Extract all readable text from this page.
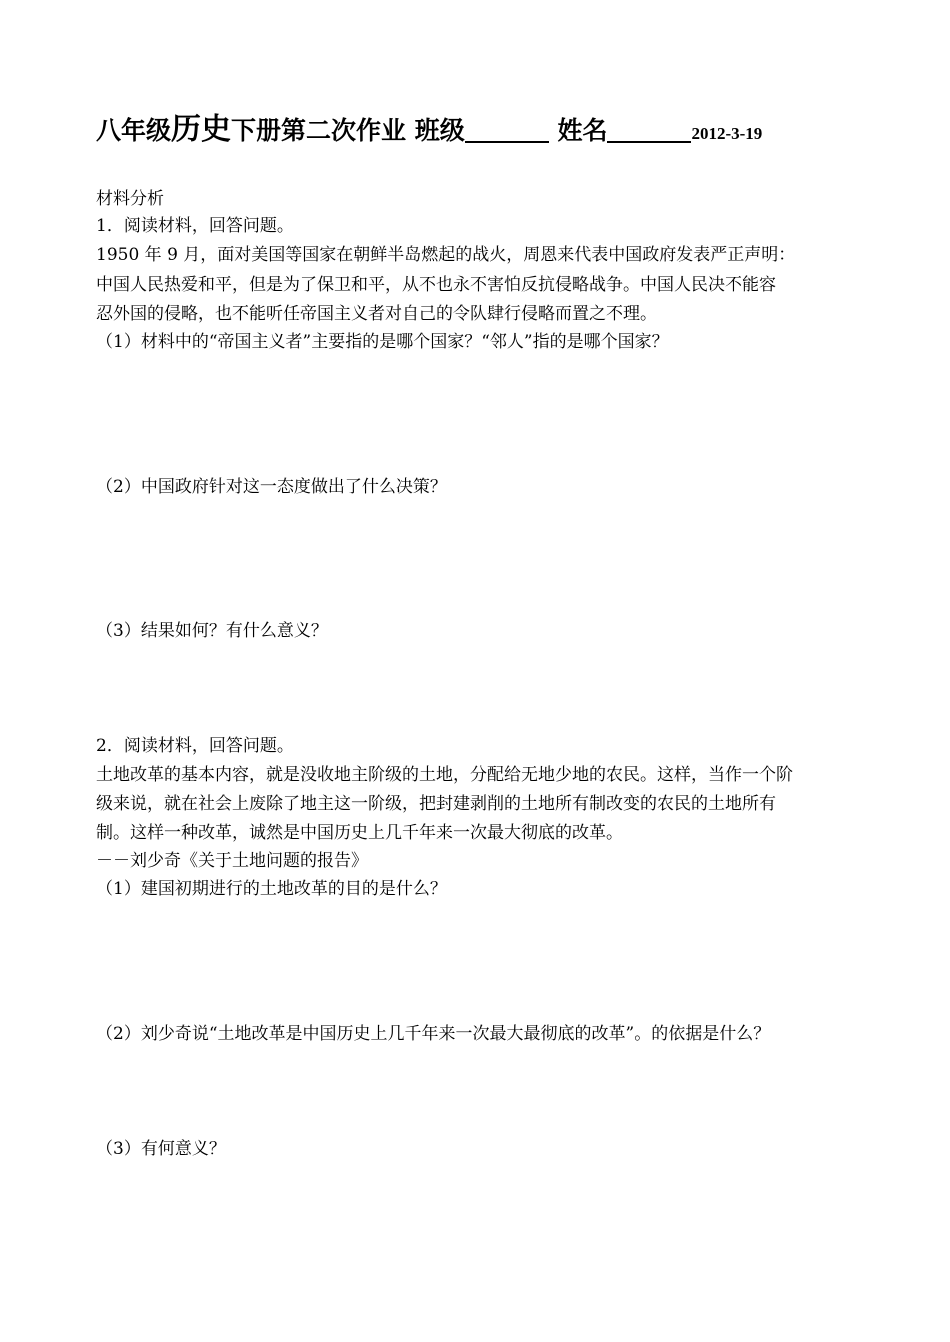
八年级历史下册第二次作业 班级	姓名	2012-3-19
材料分析
1．阅读材料，回答问题。
1950 年 9 月，面对美国等国家在朝鲜半岛燃起的战火，周恩来代表中国政府发表严正声明：
中国人民热爱和平，但是为了保卫和平，从不也永不害怕反抗侵略战争。中国人民决不能容
忍外国的侵略，也不能听任帝国主义者对自己的令队肆行侵略而置之不理。
（1）材料中的“帝国主义者”主要指的是哪个国家？“邻人”指的是哪个国家？
（2）中国政府针对这一态度做出了什么决策？
（3）结果如何？有什么意义？
2．阅读材料，回答问题。
土地改革的基本内容，就是没收地主阶级的土地，分配给无地少地的农民。这样，当作一个阶
级来说，就在社会上废除了地主这一阶级，把封建剥削的土地所有制改变的农民的土地所有
制。这样一种改革，诚然是中国历史上几千年来一次最大彻底的改革。
－－刘少奇《关于土地问题的报告》
（1）建国初期进行的土地改革的目的是什么？
（2）刘少奇说“土地改革是中国历史上几千年来一次最大最彻底的改革”。的依据是什么？
（3）有何意义？
